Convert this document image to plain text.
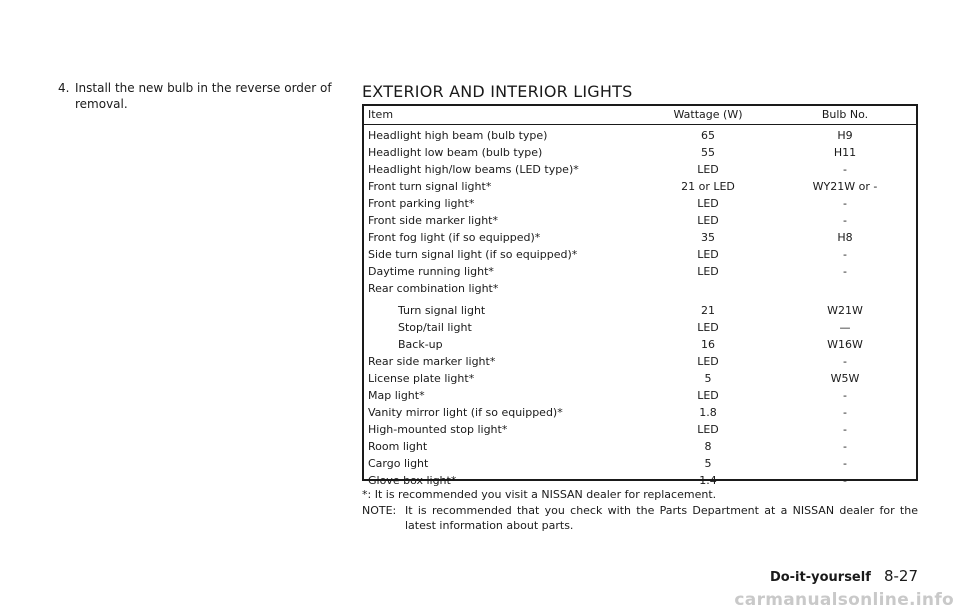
4. Install the new bulb in the reverse order of removal.
EXTERIOR AND INTERIOR LIGHTS
Item	Wattage (W)	Bulb No.
Headlight high beam (bulb type)	65	H9
Headlight low beam (bulb type)	55	H11
Headlight high/low beams (LED type)*	LED	-
Front turn signal light*	21 or LED	WY21W or -
Front parking light*	LED	-
Front side marker light*	LED	-
Front fog light (if so equipped)*	35	H8
Side turn signal light (if so equipped)*	LED	-
Daytime running light*	LED	-
Rear combination light*
Turn signal light	21	W21W
Stop/tail light	LED	—
Back-up	16	W16W
Rear side marker light*	LED	-
License plate light*	5	W5W
Map light*	LED	-
Vanity mirror light (if so equipped)*	1.8	-
High-mounted stop light*	LED	-
Room light	8	-
Cargo light	5	-
Glove box light*	1.4	-
*: It is recommended you visit a NISSAN dealer for replacement.
NOTE: It is recommended that you check with the Parts Department at a NISSAN dealer for the latest information about parts.
Do-it-yourself 8-27
carmanualsonline.info
